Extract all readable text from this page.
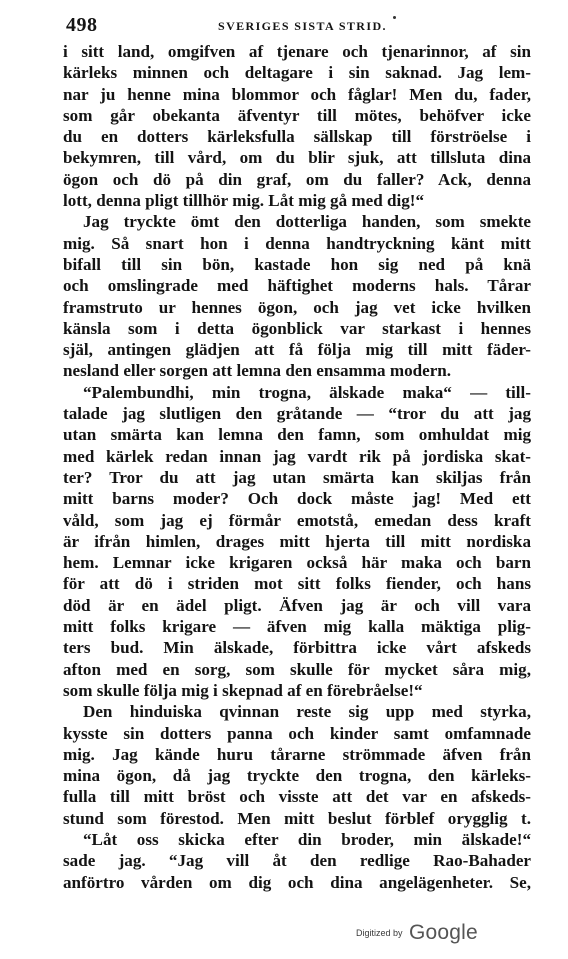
498	SVERIGES SISTA STRID.
i sitt land, omgifven af tjenare och tjenarinnor, af sin
kärleks minnen och deltagare i sin saknad. Jag lem-
nar ju henne mina blommor och fåglar! Men du, fader,
som går obekanta äfventyr till mötes, behöfver icke
du en dotters kärleksfulla sällskap till förströelse i
bekymren, till vård, om du blir sjuk, att tillsluta dina
ögon och dö på din graf, om du faller? Ack, denna
lott, denna pligt tillhör mig. Låt mig gå med dig!“
Jag tryckte ömt den dotterliga handen, som smekte
mig. Så snart hon i denna handtryckning känt mitt
bifall till sin bön, kastade hon sig ned på knä
och omslingrade med häftighet moderns hals. Tårar
framstruto ur hennes ögon, och jag vet icke hvilken
känsla som i detta ögonblick var starkast i hennes
själ, antingen glädjen att få följa mig till mitt fäder-
nesland eller sorgen att lemna den ensamma modern.
“Palembundhi, min trogna, älskade maka“ — till-
talade jag slutligen den gråtande — “tror du att jag
utan smärta kan lemna den famn, som omhuldat mig
med kärlek redan innan jag vardt rik på jordiska skat-
ter? Tror du att jag utan smärta kan skiljas från
mitt barns moder? Och dock måste jag! Med ett
våld, som jag ej förmår emotstå, emedan dess kraft
är ifrån himlen, drages mitt hjerta till mitt nordiska
hem. Lemnar icke krigaren också här maka och barn
för att dö i striden mot sitt folks fiender, och hans
död är en ädel pligt. Äfven jag är och vill vara
mitt folks krigare — äfven mig kalla mäktiga plig-
ters bud. Min älskade, förbittra icke vårt afskeds
afton med en sorg, som skulle för mycket såra mig,
som skulle följa mig i skepnad af en förebråelse!“
Den hinduiska qvinnan reste sig upp med styrka,
kysste sin dotters panna och kinder samt omfamnade
mig. Jag kände huru tårarne strömmade äfven från
mina ögon, då jag tryckte den trogna, den kärleks-
fulla till mitt bröst och visste att det var en afskeds-
stund som förestod. Men mitt beslut förblef orygglig t.
“Låt oss skicka efter din broder, min älskade!“
sade jag. “Jag vill åt den redlige Rao-Bahader
anförtro vården om dig och dina angelägenheter. Se,
Digitized by Google
